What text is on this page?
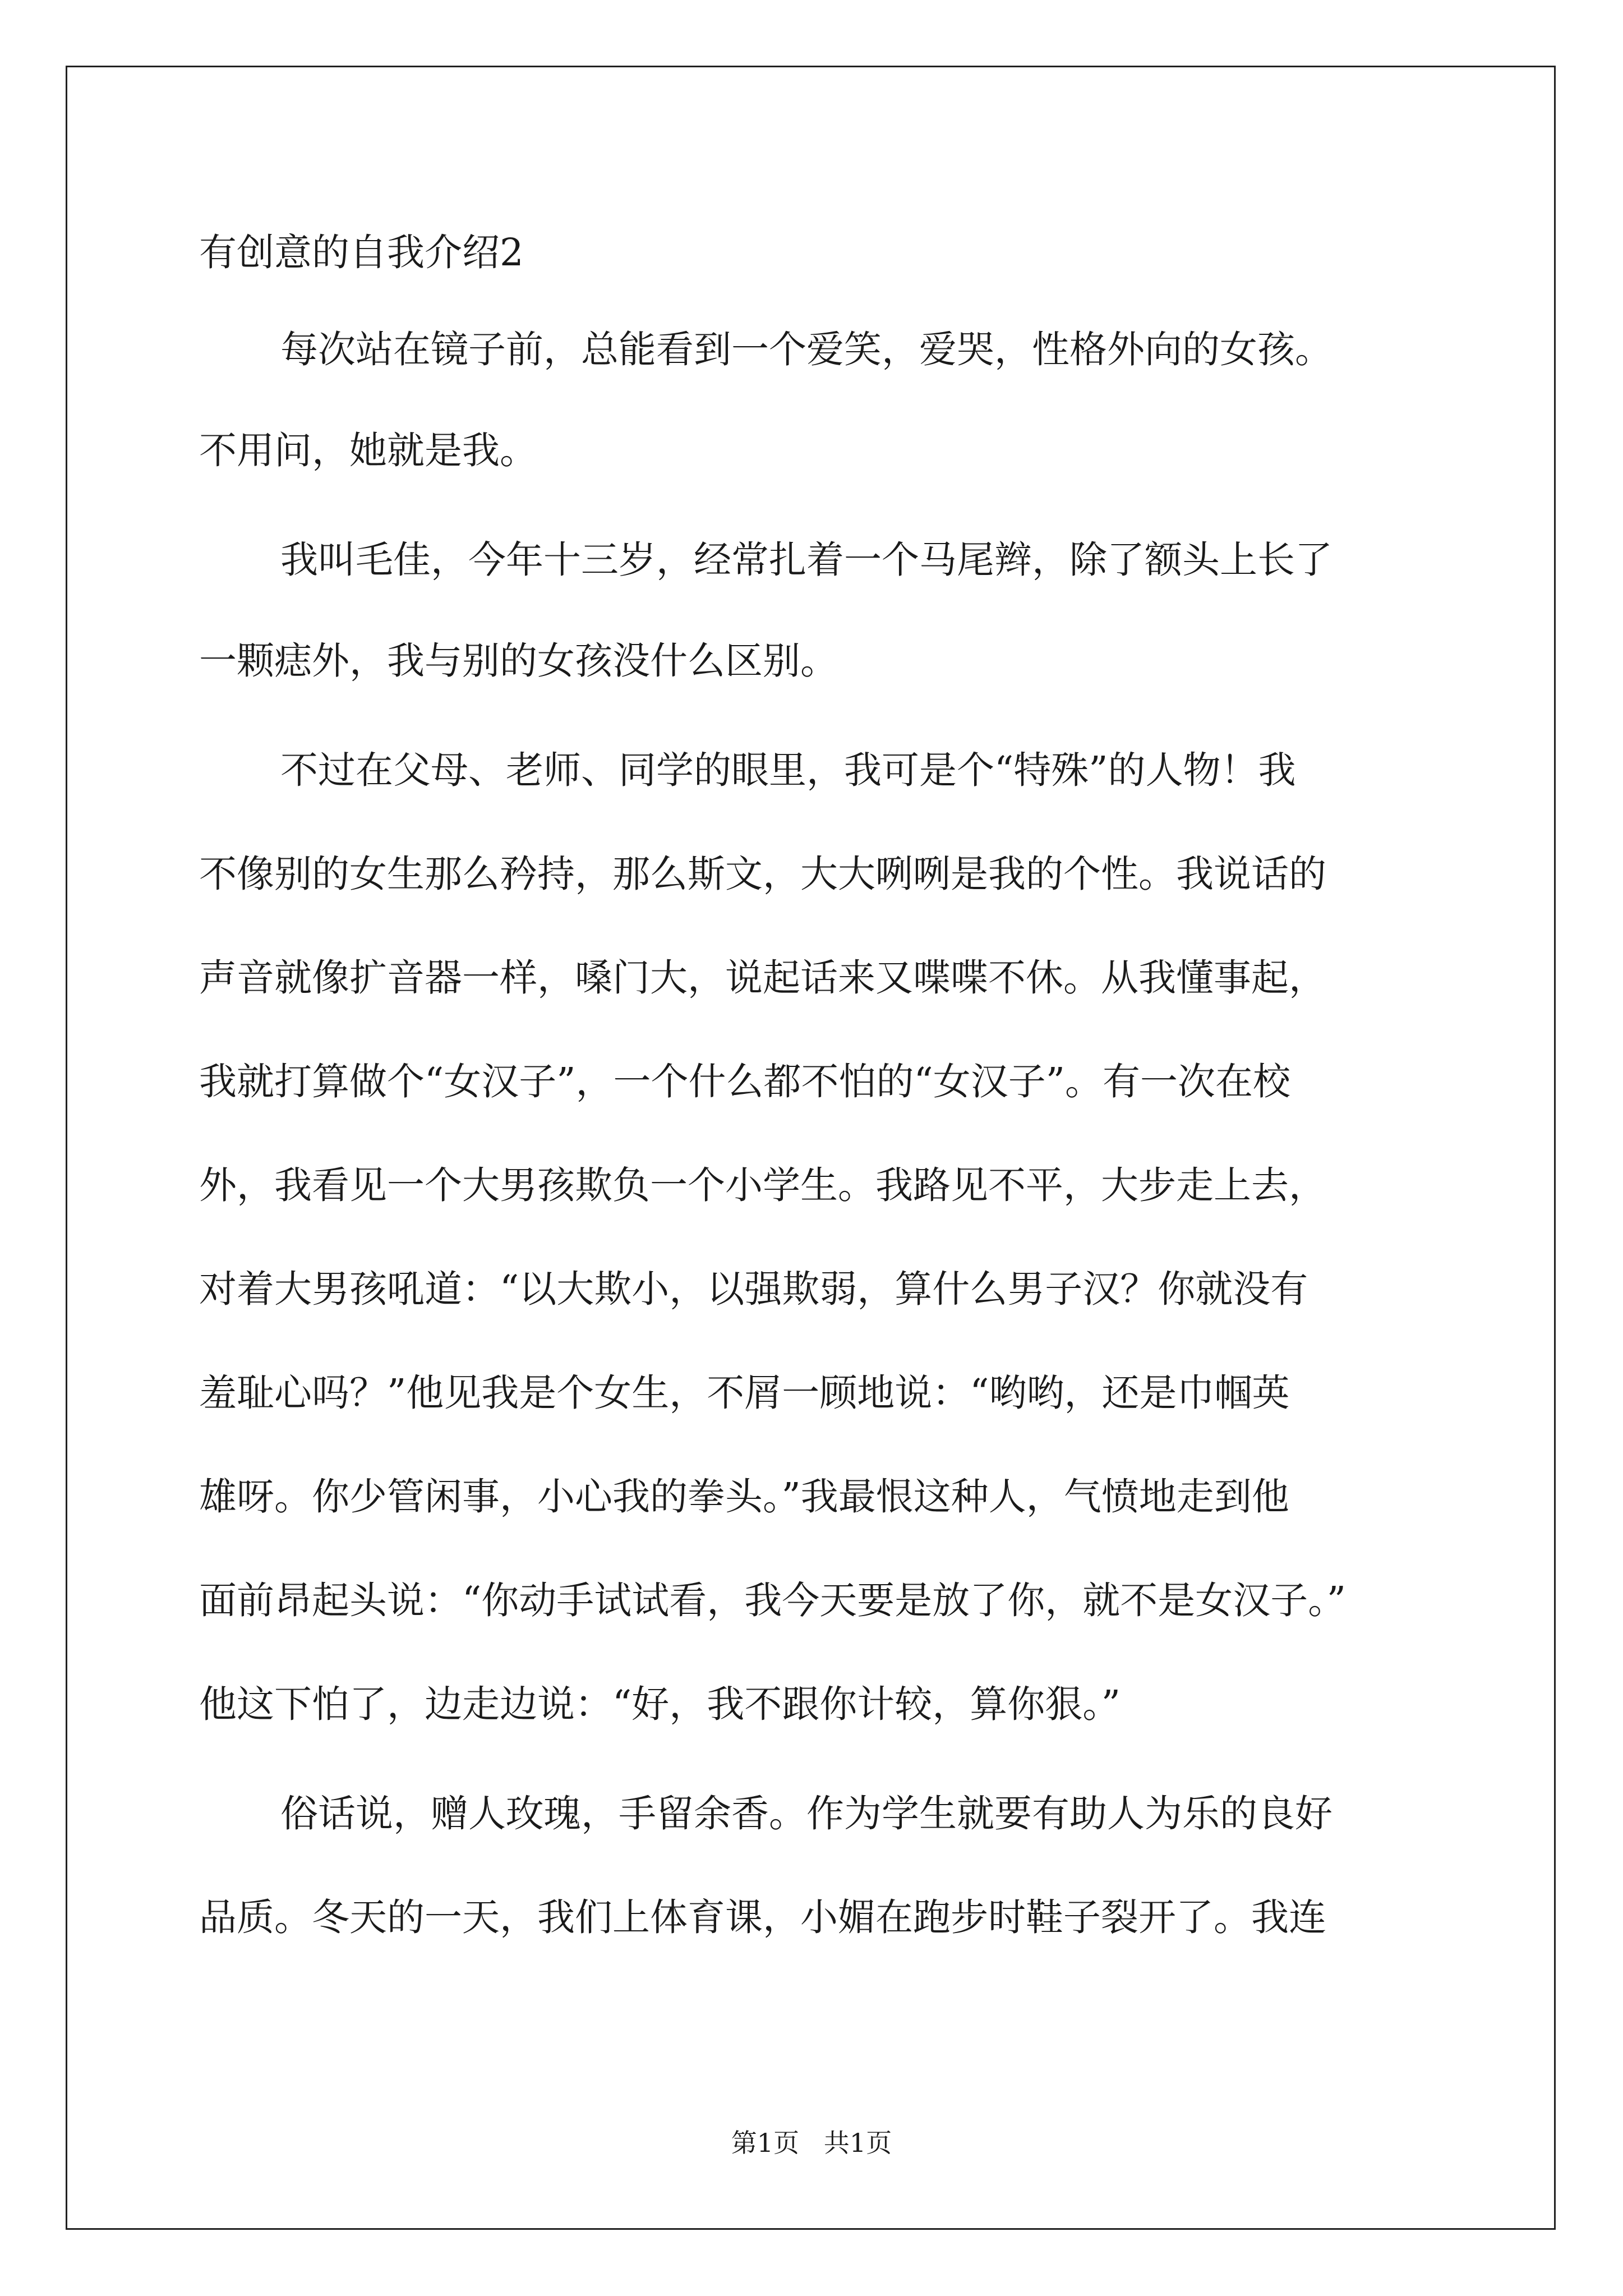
有创意的自我介绍2
每次站在镜子前，总能看到一个爱笑，爱哭，性格外向的女孩。
不用问，她就是我。
我叫毛佳，今年十三岁，经常扎着一个马尾辫，除了额头上长了
一颗痣外，我与别的女孩没什么区别。
不过在父母、老师、同学的眼里，我可是个“特殊”的人物！我
不像别的女生那么矜持，那么斯文，大大咧咧是我的个性。我说话的
声音就像扩音器一样，嗓门大，说起话来又喋喋不休。从我懂事起，
我就打算做个“女汉子”，一个什么都不怕的“女汉子”。有一次在校
外，我看见一个大男孩欺负一个小学生。我路见不平，大步走上去，
对着大男孩吼道：“以大欺小，以强欺弱，算什么男子汉？你就没有
羞耻心吗？”他见我是个女生，不屑一顾地说：“哟哟，还是巾帼英
雄呀。你少管闲事，小心我的拳头。”我最恨这种人，气愤地走到他
面前昂起头说：“你动手试试看，我今天要是放了你，就不是女汉子。”
他这下怕了，边走边说：“好，我不跟你计较，算你狠。”
俗话说，赠人玫瑰，手留余香。作为学生就要有助人为乐的良好
品质。冬天的一天，我们上体育课，小媚在跑步时鞋子裂开了。我连
第1页   共1页
